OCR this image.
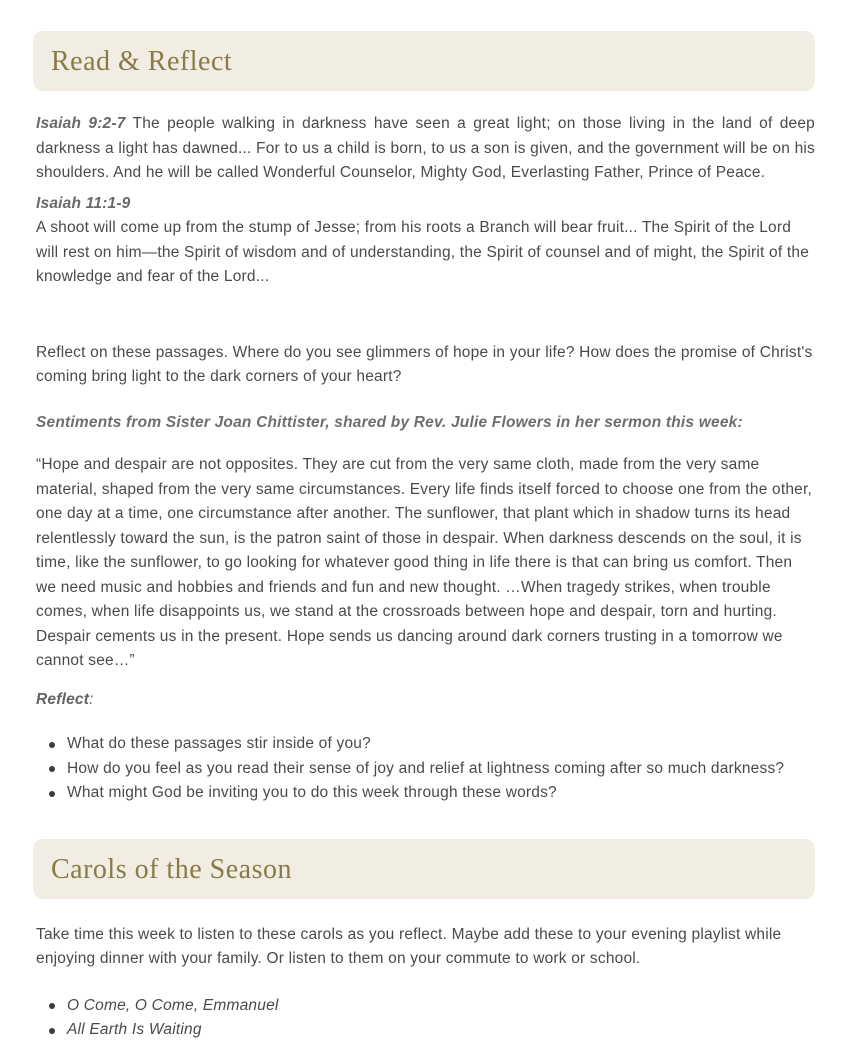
Read & Reflect

Isaiah 9:2-7 The people walking in darkness have seen a great light; on those living in the land of deep darkness a light has dawned... For to us a child is born, to us a son is given, and the government will be on his shoulders. And he will be called Wonderful Counselor, Mighty God, Everlasting Father, Prince of Peace.

Isaiah 11:1-9

A shoot will come up from the stump of Jesse; from his roots a Branch will bear fruit... The Spirit of the Lord will rest on him—the Spirit of wisdom and of understanding, the Spirit of counsel and of might, the Spirit of the knowledge and fear of the Lord...

Reflect on these passages. Where do you see glimmers of hope in your life? How does the promise of Christ's coming bring light to the dark corners of your heart?

Sentiments from Sister Joan Chittister, shared by Rev. Julie Flowers in her sermon this week:

“Hope and despair are not opposites. They are cut from the very same cloth, made from the very same material, shaped from the very same circumstances. Every life finds itself forced to choose one from the other, one day at a time, one circumstance after another. The sunflower, that plant which in shadow turns its head relentlessly toward the sun, is the patron saint of those in despair. When darkness descends on the soul, it is time, like the sunflower, to go looking for whatever good thing in life there is that can bring us comfort. Then we need music and hobbies and friends and fun and new thought. …When tragedy strikes, when trouble comes, when life disappoints us, we stand at the crossroads between hope and despair, torn and hurting. Despair cements us in the present. Hope sends us dancing around dark corners trusting in a tomorrow we cannot see…”

Reflect:

What do these passages stir inside of you?
How do you feel as you read their sense of joy and relief at lightness coming after so much darkness?
What might God be inviting you to do this week through these words?
Carols of the Season

Take time this week to listen to these carols as you reflect. Maybe add these to your evening playlist while enjoying dinner with your family. Or listen to them on your commute to work or school.

O Come, O Come, Emmanuel
All Earth Is Waiting
